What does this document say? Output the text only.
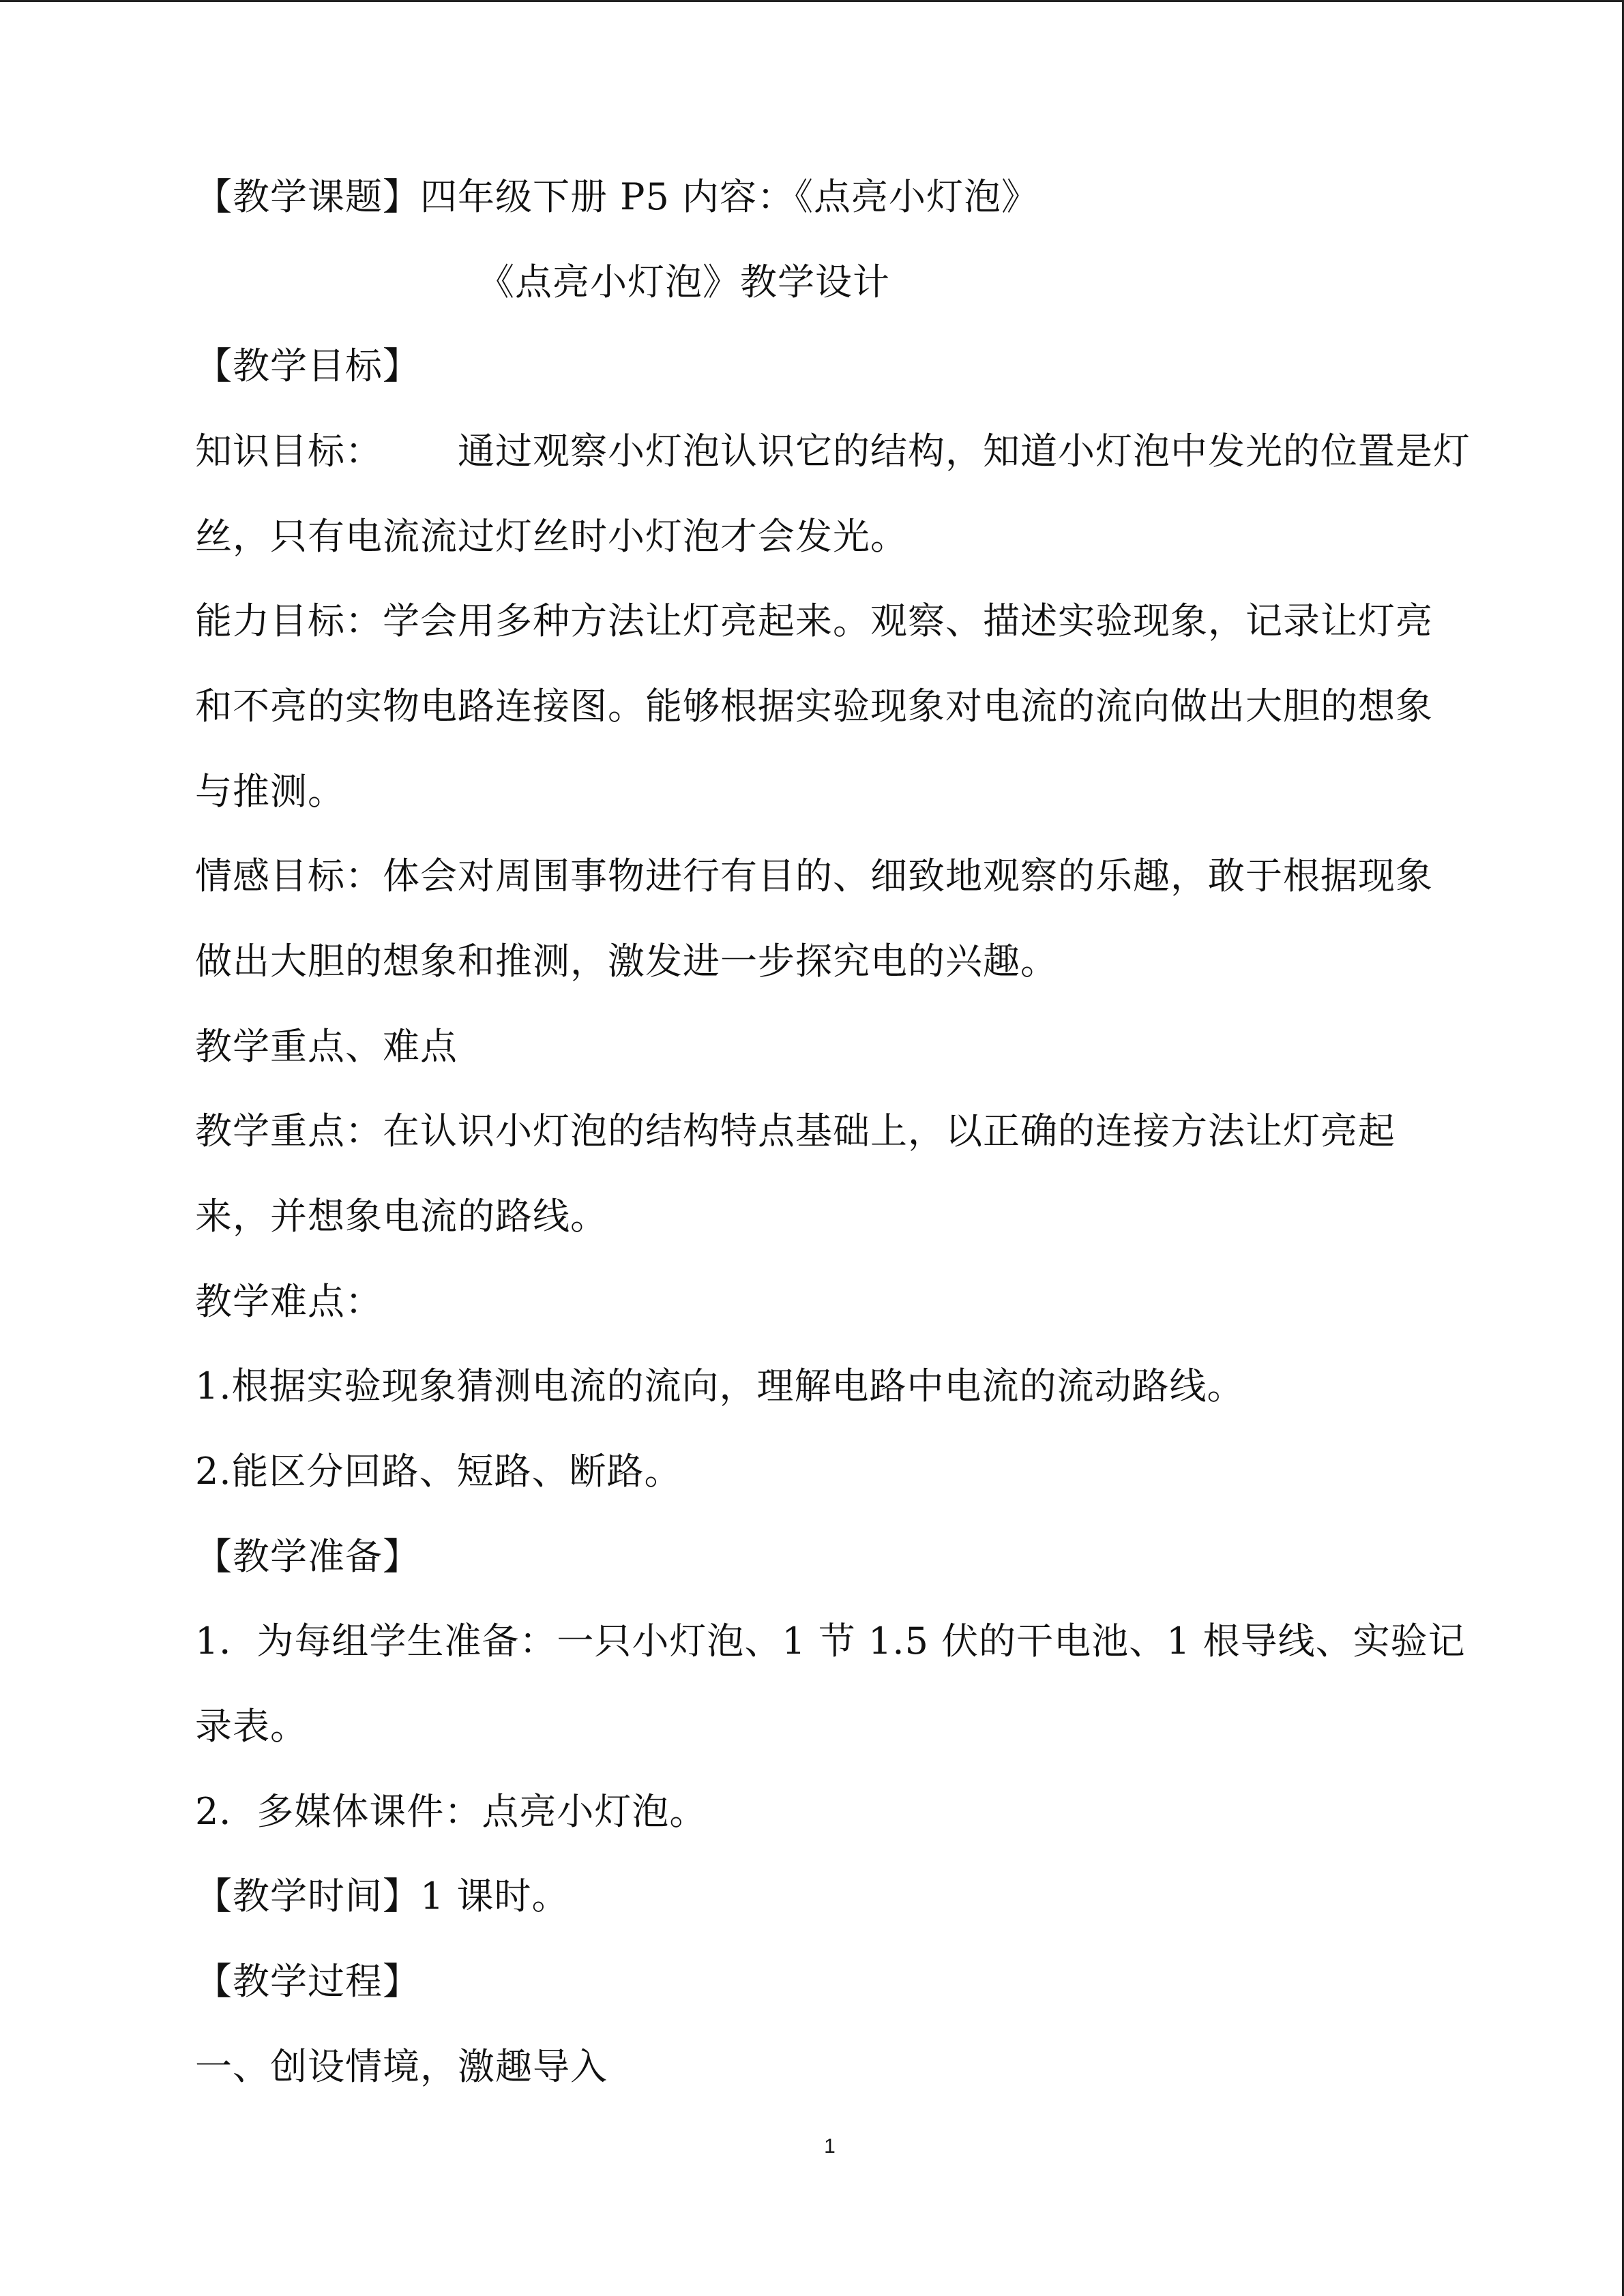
【教学课题】四年级下册 P5 内容：《点亮小灯泡》
《点亮小灯泡》教学设计
【教学目标】
知识目标： 通过观察小灯泡认识它的结构，知道小灯泡中发光的位置是灯
丝，只有电流流过灯丝时小灯泡才会发光。
能力目标：学会用多种方法让灯亮起来。观察、描述实验现象，记录让灯亮
和不亮的实物电路连接图。能够根据实验现象对电流的流向做出大胆的想象
与推测。
情感目标：体会对周围事物进行有目的、细致地观察的乐趣，敢于根据现象
做出大胆的想象和推测，激发进一步探究电的兴趣。
教学重点、难点
教学重点：在认识小灯泡的结构特点基础上，以正确的连接方法让灯亮起
来，并想象电流的路线。
教学难点：
1.根据实验现象猜测电流的流向，理解电路中电流的流动路线。
2.能区分回路、短路、断路。
【教学准备】
1．为每组学生准备：一只小灯泡、1 节 1.5 伏的干电池、1 根导线、实验记
录表。
2．多媒体课件：点亮小灯泡。
【教学时间】1 课时。
【教学过程】
一、创设情境，激趣导入
1
